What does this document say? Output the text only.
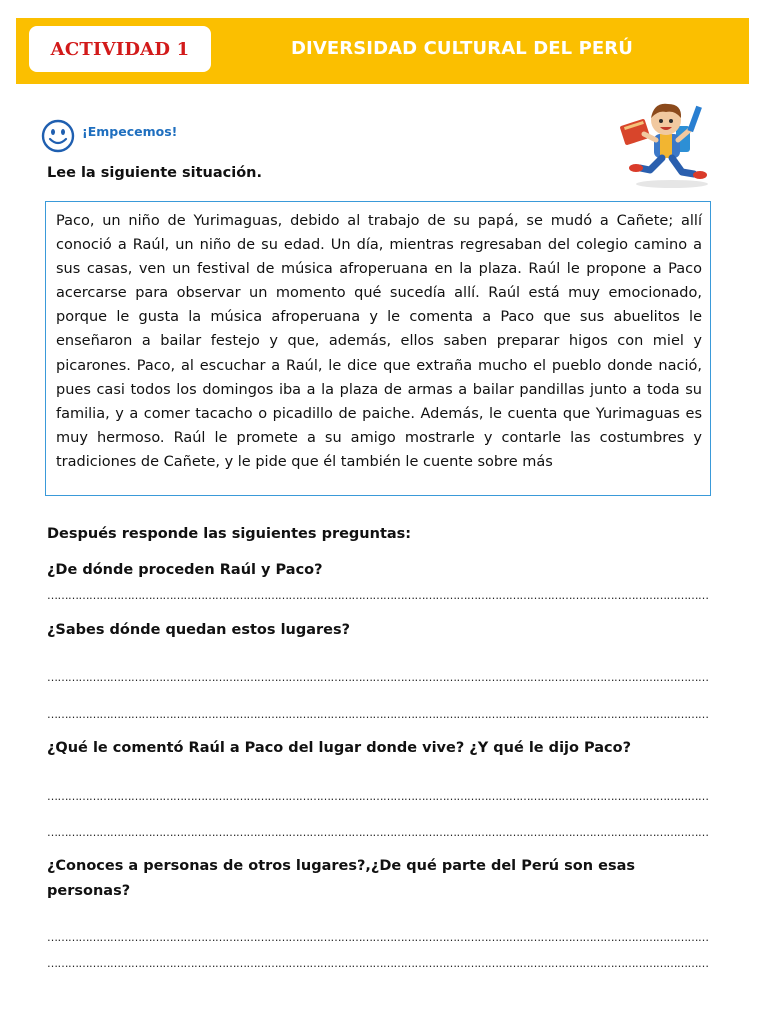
ACTIVIDAD 1	DIVERSIDAD CULTURAL DEL PERÚ
¡Empecemos!
Lee la siguiente situación.

Paco, un niño de Yurimaguas, debido al trabajo de su papá, se mudó a Cañete; allí conoció a Raúl, un niño de su edad. Un día, mientras regresaban del colegio camino a sus casas, ven un festival de música afroperuana en la plaza. Raúl le propone a Paco acercarse para observar un momento qué sucedía allí. Raúl está muy emocionado, porque le gusta la música afroperuana y le comenta a Paco que sus abuelitos le enseñaron a bailar festejo y que, además, ellos saben preparar higos con miel y picarones. Paco, al escuchar a Raúl, le dice que extraña mucho el pueblo donde nació, pues casi todos los domingos iba a la plaza de armas a bailar pandillas junto a toda su familia, y a comer tacacho o picadillo de paiche. Además, le cuenta que Yurimaguas es muy hermoso. Raúl le promete a su amigo mostrarle y contarle las costumbres y tradiciones de Cañete, y le pide que él también le cuente sobre más

Después responde las siguientes preguntas:
¿De dónde proceden Raúl y Paco?
………………………………………………………………………………………………………………………………………………………………………
¿Sabes dónde quedan estos lugares?
………………………………………………………………………………………………………………………………………………………………………
………………………………………………………………………………………………………………………………………………………………………
¿Qué le comentó Raúl a Paco del lugar donde vive? ¿Y qué le dijo Paco?
………………………………………………………………………………………………………………………………………………………………………
………………………………………………………………………………………………………………………………………………………………………
¿Conoces a personas de otros lugares?,¿De qué parte del Perú son esas personas?
………………………………………………………………………………………………………………………………………………………………………
………………………………………………………………………………………………………………………………………………………………………
